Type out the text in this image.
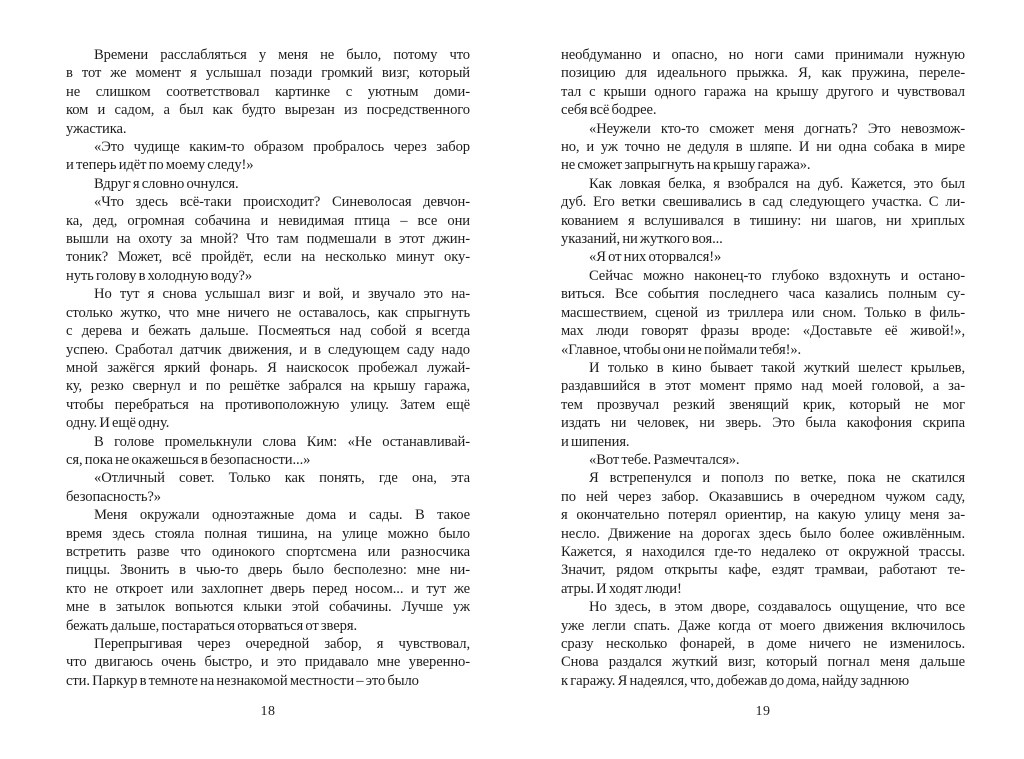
Времени расслабляться у меня не было, потому что
в тот же момент я услышал позади громкий визг, который
не слишком соответствовал картинке с уютным доми-
ком и садом, а был как будто вырезан из посредственного
ужастика.
«Это чудище каким-то образом пробралось через забор
и теперь идёт по моему следу!»
Вдруг я словно очнулся.
«Что здесь всё-таки происходит? Синеволосая девчон-
ка, дед, огромная собачина и невидимая птица – все они
вышли на охоту за мной? Что там подмешали в этот джин-
тоник? Может, всё пройдёт, если на несколько минут оку-
нуть голову в холодную воду?»
Но тут я снова услышал визг и вой, и звучало это на-
столько жутко, что мне ничего не оставалось, как спрыгнуть
с дерева и бежать дальше. Посмеяться над собой я всегда
успею. Сработал датчик движения, и в следующем саду надо
мной зажёгся яркий фонарь. Я наискосок пробежал лужай-
ку, резко свернул и по решётке забрался на крышу гаража,
чтобы перебраться на противоположную улицу. Затем ещё
одну. И ещё одну.
В голове промелькнули слова Ким: «Не останавливай-
ся, пока не окажешься в безопасности...»
«Отличный совет. Только как понять, где она, эта
безопасность?»
Меня окружали одноэтажные дома и сады. В такое
время здесь стояла полная тишина, на улице можно было
встретить разве что одинокого спортсмена или разносчика
пиццы. Звонить в чью-то дверь было бесполезно: мне ни-
кто не откроет или захлопнет дверь перед носом... и тут же
мне в затылок вопьются клыки этой собачины. Лучше уж
бежать дальше, постараться оторваться от зверя.
Перепрыгивая через очередной забор, я чувствовал,
что двигаюсь очень быстро, и это придавало мне уверенно-
сти. Паркур в темноте на незнакомой местности – это было
18
необдуманно и опасно, но ноги сами принимали нужную
позицию для идеального прыжка. Я, как пружина, переле-
тал с крыши одного гаража на крышу другого и чувствовал
себя всё бодрее.
«Неужели кто-то сможет меня догнать? Это невозмож-
но, и уж точно не дедуля в шляпе. И ни одна собака в мире
не сможет запрыгнуть на крышу гаража».
Как ловкая белка, я взобрался на дуб. Кажется, это был
дуб. Его ветки свешивались в сад следующего участка. С ли-
кованием я вслушивался в тишину: ни шагов, ни хриплых
указаний, ни жуткого воя...
«Я от них оторвался!»
Сейчас можно наконец-то глубоко вздохнуть и остано-
виться. Все события последнего часа казались полным су-
масшествием, сценой из триллера или сном. Только в филь-
мах люди говорят фразы вроде: «Доставьте её живой!»,
«Главное, чтобы они не поймали тебя!».
И только в кино бывает такой жуткий шелест крыльев,
раздавшийся в этот момент прямо над моей головой, а за-
тем прозвучал резкий звенящий крик, который не мог
издать ни человек, ни зверь. Это была какофония скрипа
и шипения.
«Вот тебе. Размечтался».
Я встрепенулся и пополз по ветке, пока не скатился
по ней через забор. Оказавшись в очередном чужом саду,
я окончательно потерял ориентир, на какую улицу меня за-
несло. Движение на дорогах здесь было более оживлённым.
Кажется, я находился где-то недалеко от окружной трассы.
Значит, рядом открыты кафе, ездят трамваи, работают те-
атры. И ходят люди!
Но здесь, в этом дворе, создавалось ощущение, что все
уже легли спать. Даже когда от моего движения включилось
сразу несколько фонарей, в доме ничего не изменилось.
Снова раздался жуткий визг, который погнал меня дальше
к гаражу. Я надеялся, что, добежав до дома, найду заднюю
19
